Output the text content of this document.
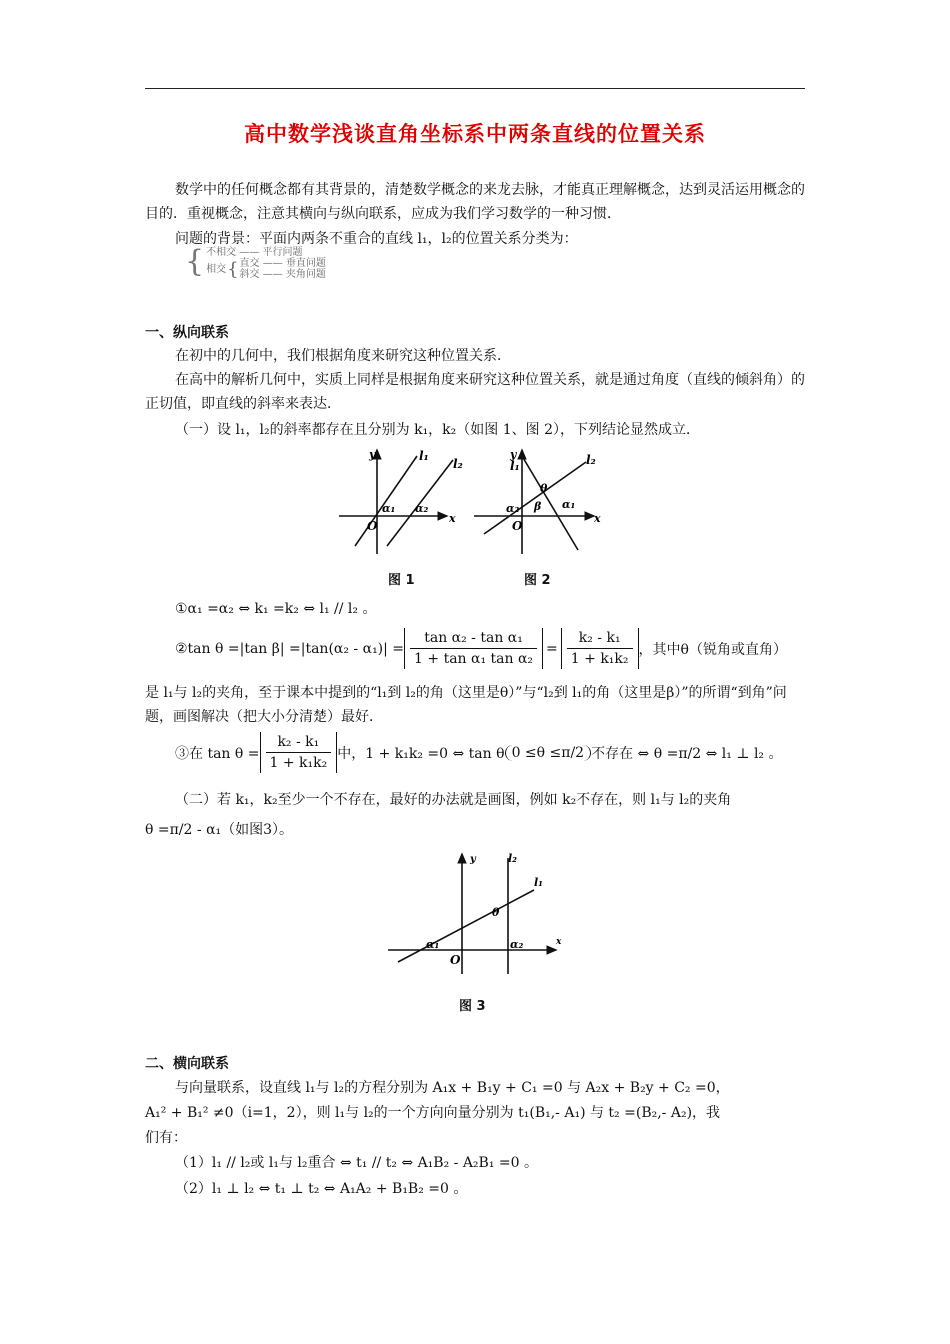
高中数学浅谈直角坐标系中两条直线的位置关系
数学中的任何概念都有其背景的，清楚数学概念的来龙去脉，才能真正理解概念，达到灵活运用概念的目的．重视概念，注意其横向与纵向联系，应成为我们学习数学的一种习惯．
问题的背景：平面内两条不重合的直线 l₁，l₂的位置关系分类为：
{ 不相交 —— 平行问题
相交 { 直交 —— 垂直问题
斜交 —— 夹角问题
一、纵向联系
在初中的几何中，我们根据角度来研究这种位置关系．
在高中的解析几何中，实质上同样是根据角度来研究这种位置关系，就是通过角度（直线的倾斜角）的正切值，即直线的斜率来表达．
（一）设 l₁，l₂的斜率都存在且分别为 k₁，k₂（如图 1、图 2），下列结论显然成立．
y
x
O
l₁
l₂
α₁ α₂
y
x
O
l₁	l₂
θ
β
α₂	α₁
图 1	图 2
①α₁ =α₂ ⇔ k₁ =k₂ ⇔ l₁ // l₂ 。
②tan θ =|tan $\beta| =|\tan(\alpha_2 - \alpha_1)| = \frac{\text{tan α₂ - tan α₁}}{\text{1 + tan α₁ tan α₂}} = \frac{\text{k₂ - k₁}}{\text{1 + k₁k₂}}$ ，其中θ（锐角或直角）
是 l₁与 l₂的夹角，至于课本中提到的“l₁到 l₂的角（这里是θ）”与“l₂到 l₁的角（这里是β）”的所谓“到角”问题，画图解决（把大小分清楚）最好．
③在 $\tan \theta = \frac{\text{k₂ - k₁}}{\text{1 + k₁k₂}}$ 中，1 + k₁k₂ =0 ⇔ tan θ 0 ≤θ ≤π/2 不存在 ⇔ θ =π/2 ⇔ l₁ ⊥ l₂ 。
（二）若 k₁，k₂至少一个不存在，最好的办法就是画图，例如 k₂不存在，则 l₁与 l₂的夹角
θ =π/2 - α₁（如图3）。
y
x
O
l₂
l₁
θ
α₁	α₂
图 3
二、横向联系
与向量联系，设直线 l₁与 l₂的方程分别为 A₁x + B₁y + C₁ =0 与 A₂x + B₂y + C₂ =0，
A₁² + B₁² ≠0（i=1，2），则 l₁与 l₂的一个方向向量分别为 t₁(B₁,- A₁) 与 t₂ =(B₂,- A₂)，我
们有：
（1）l₁ // l₂或 l₁与 l₂重合 ⇔ t₁ // t₂ ⇔ A₁B₂ - A₂B₁ =0 。
（2）l₁ ⊥ l₂ ⇔ t₁ ⊥ t₂ ⇔ A₁A₂ + B₁B₂ =0 。
